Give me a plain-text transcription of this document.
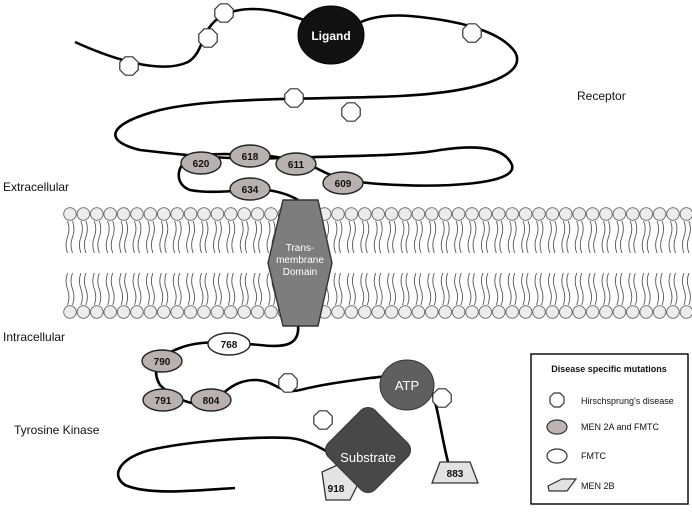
Ligand
620
618
611
634
609
Trans-
membrane
Domain
768
790
791	804
ATP
918
Substrate
883
Receptor
Extracellular
Intracellular
Tyrosine Kinase
Disease specific mutations
Hirschsprung's disease
MEN 2A and FMTC
FMTC
MEN 2B
